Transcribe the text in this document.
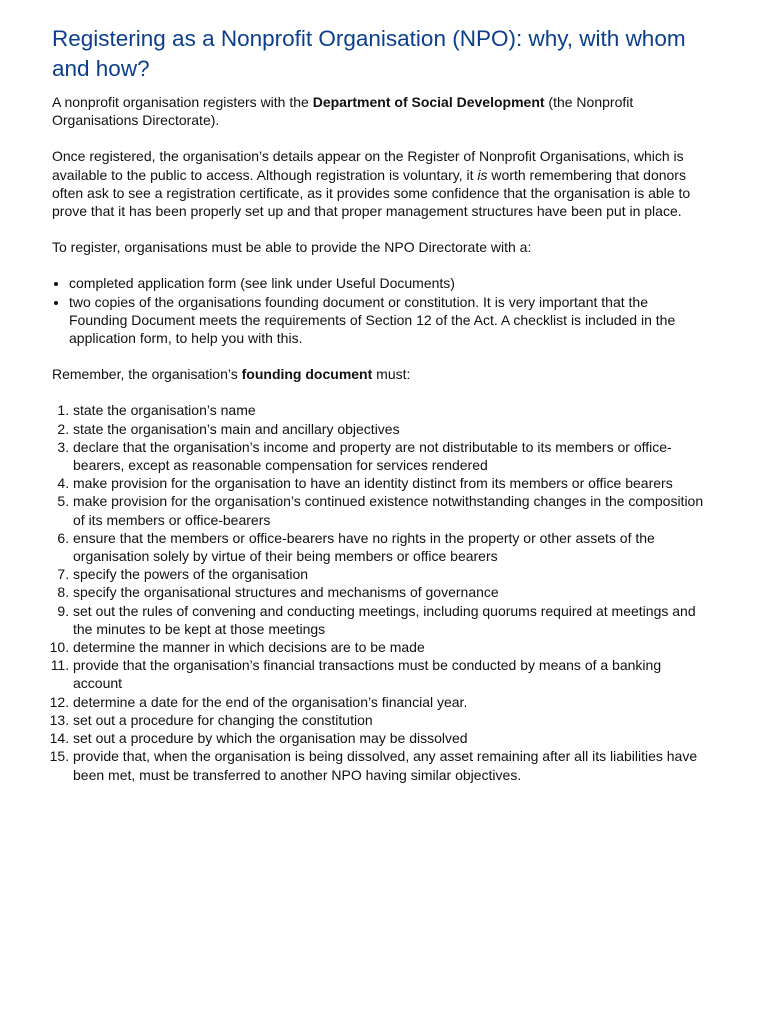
Registering as a Nonprofit Organisation (NPO): why, with whom and how?

A nonprofit organisation registers with the Department of Social Development (the Nonprofit Organisations Directorate).

Once registered, the organisation’s details appear on the Register of Nonprofit Organisations, which is available to the public to access. Although registration is voluntary, it is worth remembering that donors often ask to see a registration certificate, as it provides some confidence that the organisation is able to prove that it has been properly set up and that proper management structures have been put in place.

To register, organisations must be able to provide the NPO Directorate with a:

• completed application form (see link under Useful Documents)
• two copies of the organisations founding document or constitution. It is very important that the Founding Document meets the requirements of Section 12 of the Act. A checklist is included in the application form, to help you with this.

Remember, the organisation’s founding document must:

1. state the organisation’s name
2. state the organisation’s main and ancillary objectives
3. declare that the organisation’s income and property are not distributable to its members or office-bearers, except as reasonable compensation for services rendered
4. make provision for the organisation to have an identity distinct from its members or office bearers
5. make provision for the organisation’s continued existence notwithstanding changes in the composition of its members or office-bearers
6. ensure that the members or office-bearers have no rights in the property or other assets of the organisation solely by virtue of their being members or office bearers
7. specify the powers of the organisation
8. specify the organisational structures and mechanisms of governance
9. set out the rules of convening and conducting meetings, including quorums required at meetings and the minutes to be kept at those meetings
10. determine the manner in which decisions are to be made
11. provide that the organisation’s financial transactions must be conducted by means of a banking account
12. determine a date for the end of the organisation’s financial year.
13. set out a procedure for changing the constitution
14. set out a procedure by which the organisation may be dissolved
15. provide that, when the organisation is being dissolved, any asset remaining after all its liabilities have been met, must be transferred to another NPO having similar objectives.
